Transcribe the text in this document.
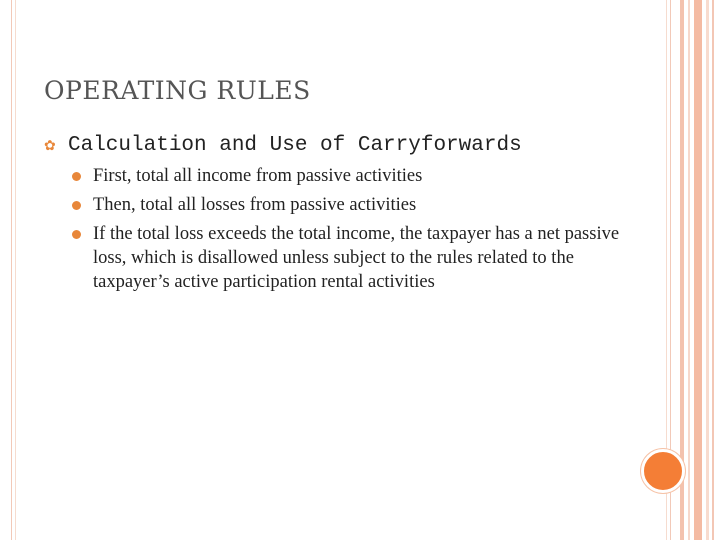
OPERATING RULES
✿ Calculation and Use of Carryforwards
First, total all income from passive activities
Then, total all losses from passive activities
If the total loss exceeds the total income, the taxpayer has a net passive loss, which is disallowed unless subject to the rules related to the taxpayer’s active participation rental activities
